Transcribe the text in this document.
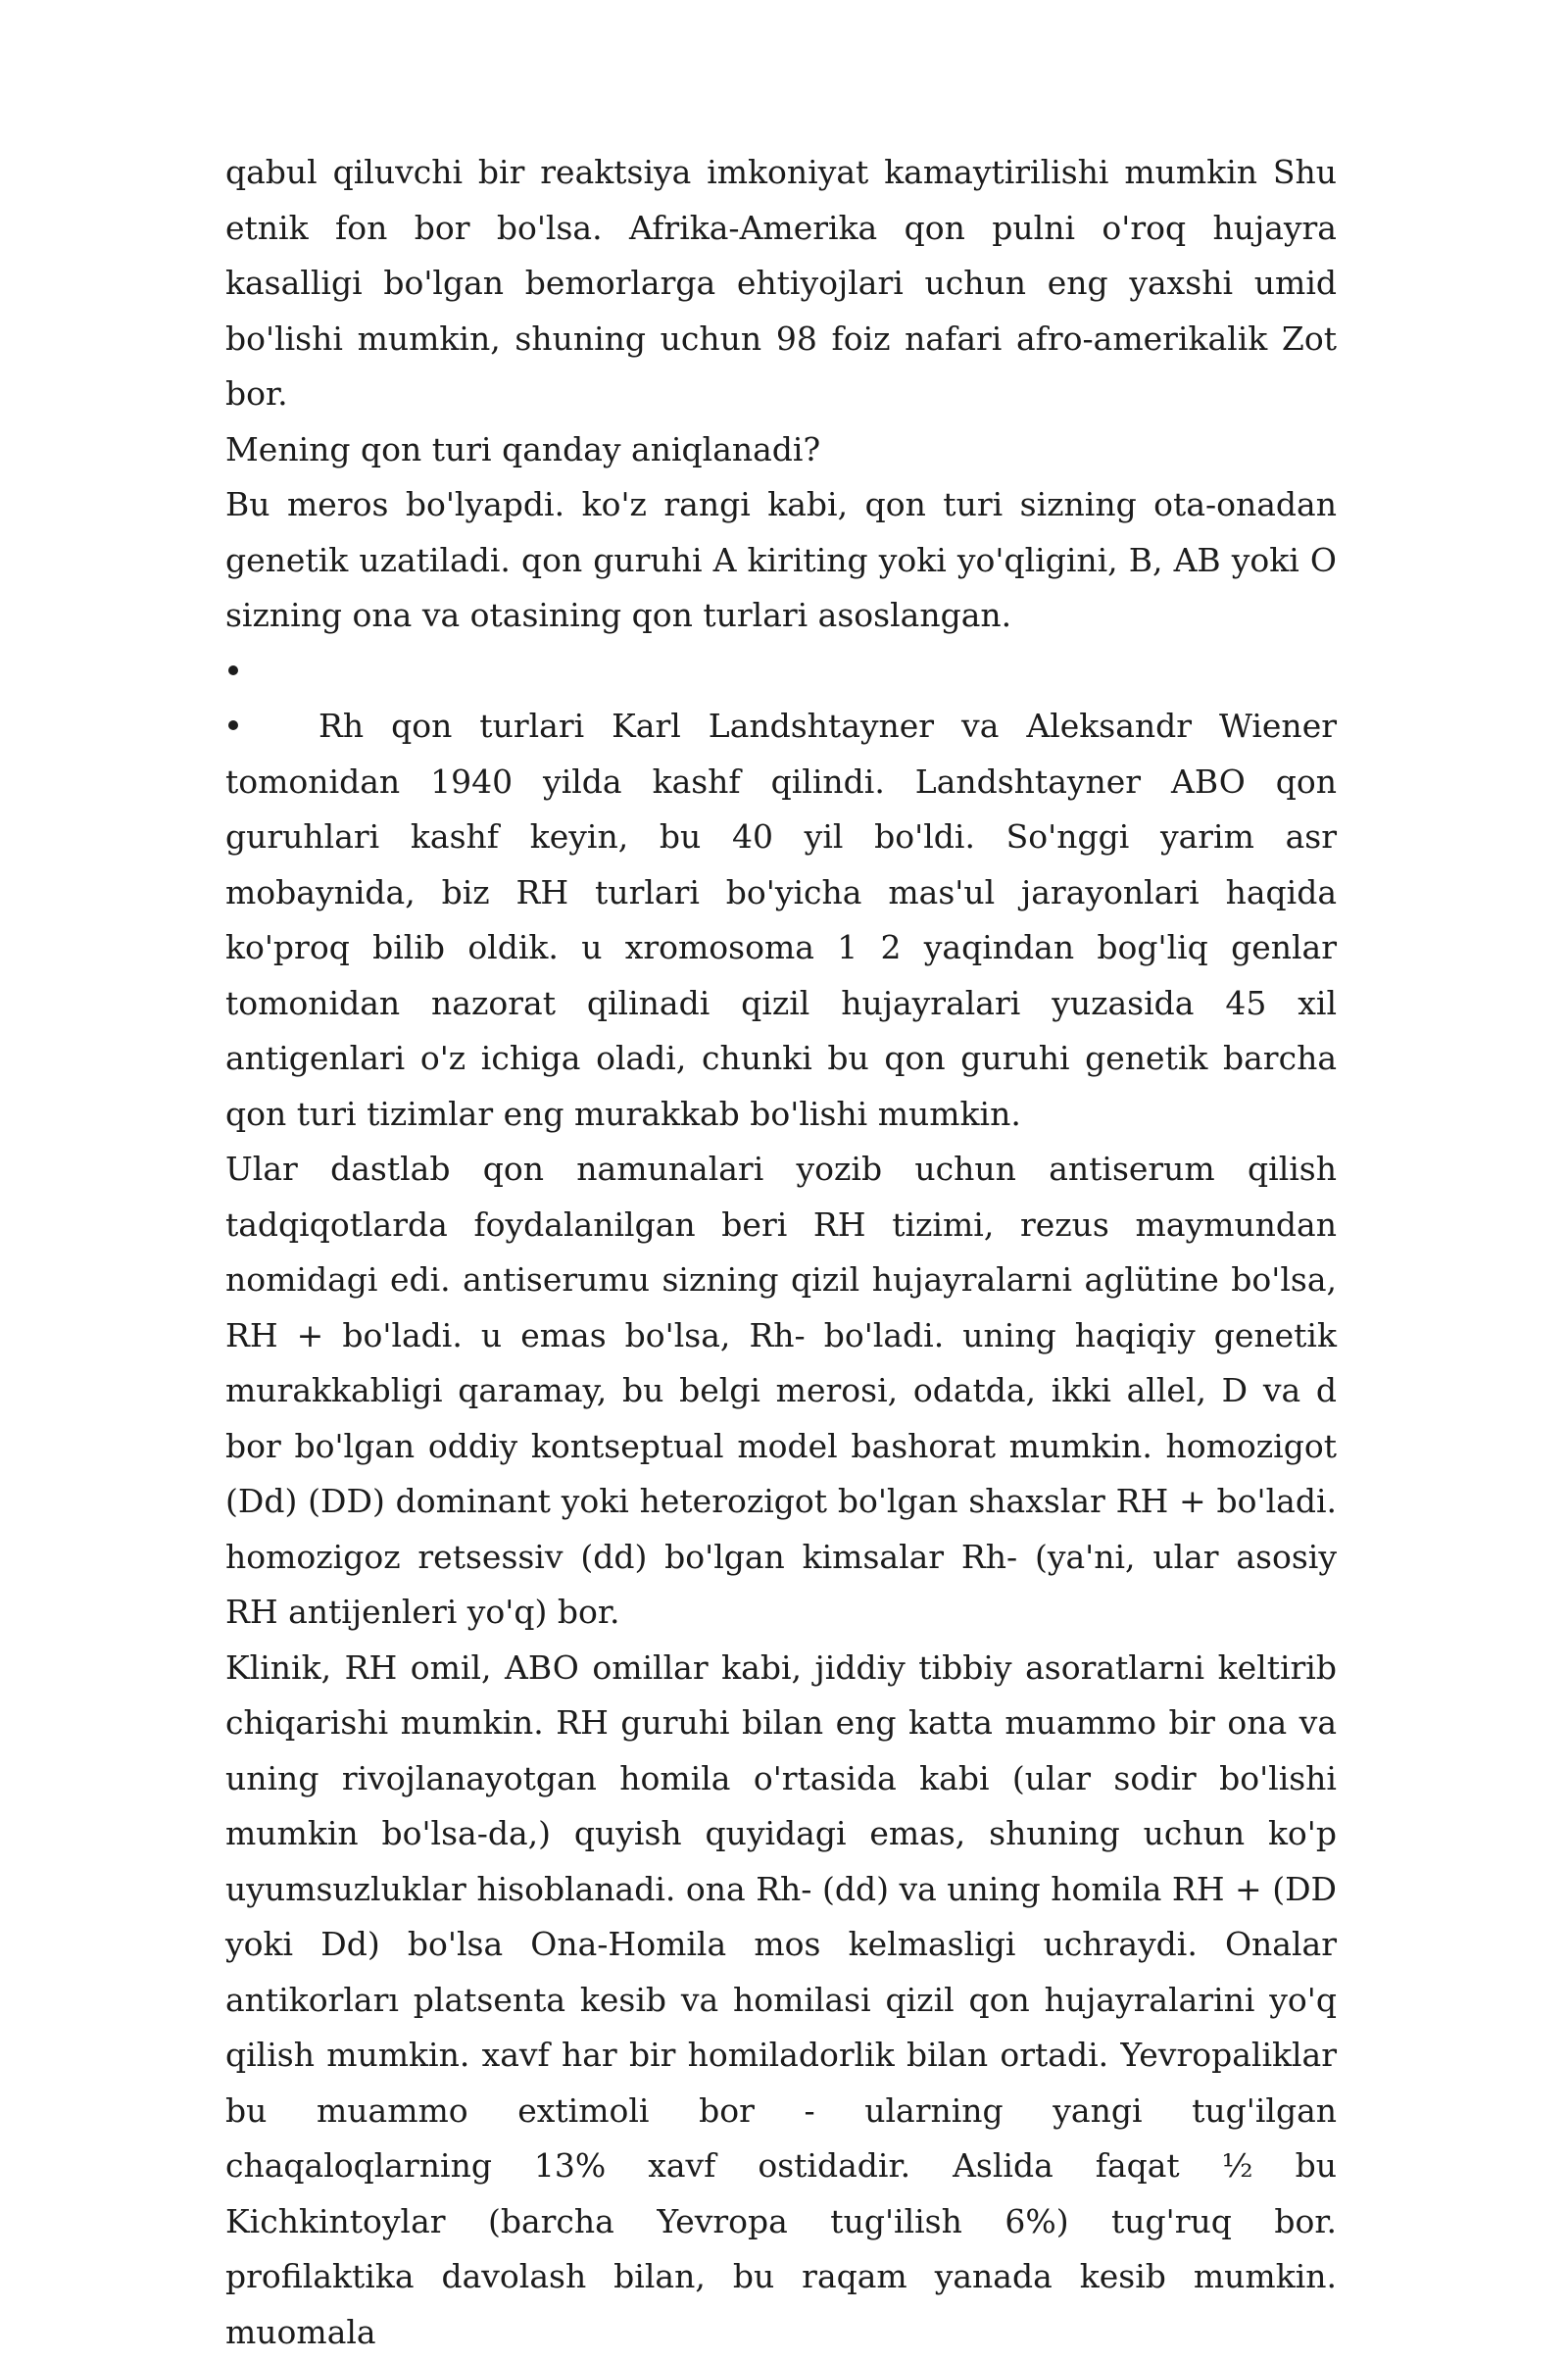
qabul qiluvchi bir reaktsiya imkoniyat kamaytirilishi mumkin Shu etnik fon bor bo'lsa. Afrika-Amerika qon pulni o'roq hujayra kasalligi bo'lgan bemorlarga ehtiyojlari uchun eng yaxshi umid bo'lishi mumkin, shuning uchun 98 foiz nafari afro-amerikalik Zot bor.

Mening qon turi qanday aniqlanadi?

Bu meros bo'lyapdi. ko'z rangi kabi, qon turi sizning ota-onadan genetik uzatiladi. qon guruhi A kiriting yoki yo'qligini, B, AB yoki O sizning ona va otasining qon turlari asoslangan.

Rh qon turlari Karl Landshtayner va Aleksandr Wiener tomonidan 1940 yilda kashf qilindi. Landshtayner ABO qon guruhlari kashf keyin, bu 40 yil bo'ldi. So'nggi yarim asr mobaynida, biz RH turlari bo'yicha mas'ul jarayonlari haqida ko'proq bilib oldik. u xromosoma 1 2 yaqindan bog'liq genlar tomonidan nazorat qilinadi qizil hujayralari yuzasida 45 xil antigenlari o'z ichiga oladi, chunki bu qon guruhi genetik barcha qon turi tizimlar eng murakkab bo'lishi mumkin.

Ular dastlab qon namunalari yozib uchun antiserum qilish tadqiqotlarda foydalanilgan beri RH tizimi, rezus maymundan nomidagi edi. antiserumu sizning qizil hujayralarni aglütine bo'lsa, RH + bo'ladi. u emas bo'lsa, Rh- bo'ladi. uning haqiqiy genetik murakkabligi qaramay, bu belgi merosi, odatda, ikki allel, D va d bor bo'lgan oddiy kontseptual model bashorat mumkin. homozigot (Dd) (DD) dominant yoki heterozigot bo'lgan shaxslar RH + bo'ladi. homozigoz retsessiv (dd) bo'lgan kimsalar Rh- (ya'ni, ular asosiy RH antijenleri yo'q) bor.

Klinik, RH omil, ABO omillar kabi, jiddiy tibbiy asoratlarni keltirib chiqarishi mumkin. RH guruhi bilan eng katta muammo bir ona va uning rivojlanayotgan homila o'rtasida kabi (ular sodir bo'lishi mumkin bo'lsa-da,) quyish quyidagi emas, shuning uchun ko'p uyumsuzluklar hisoblanadi. ona Rh- (dd) va uning homila RH + (DD yoki Dd) bo'lsa Ona-Homila mos kelmasligi uchraydi. Onalar antikorları platsenta kesib va homilasi qizil qon hujayralarini yo'q qilish mumkin. xavf har bir homiladorlik bilan ortadi. Yevropaliklar bu muammo extimoli bor - ularning yangi tug'ilgan chaqaloqlarning 13% xavf ostidadir. Aslida faqat ½ bu Kichkintoylar (barcha Yevropa tug'ilish 6%) tug'ruq bor. profilaktika davolash bilan, bu raqam yanada kesib mumkin. muomala
